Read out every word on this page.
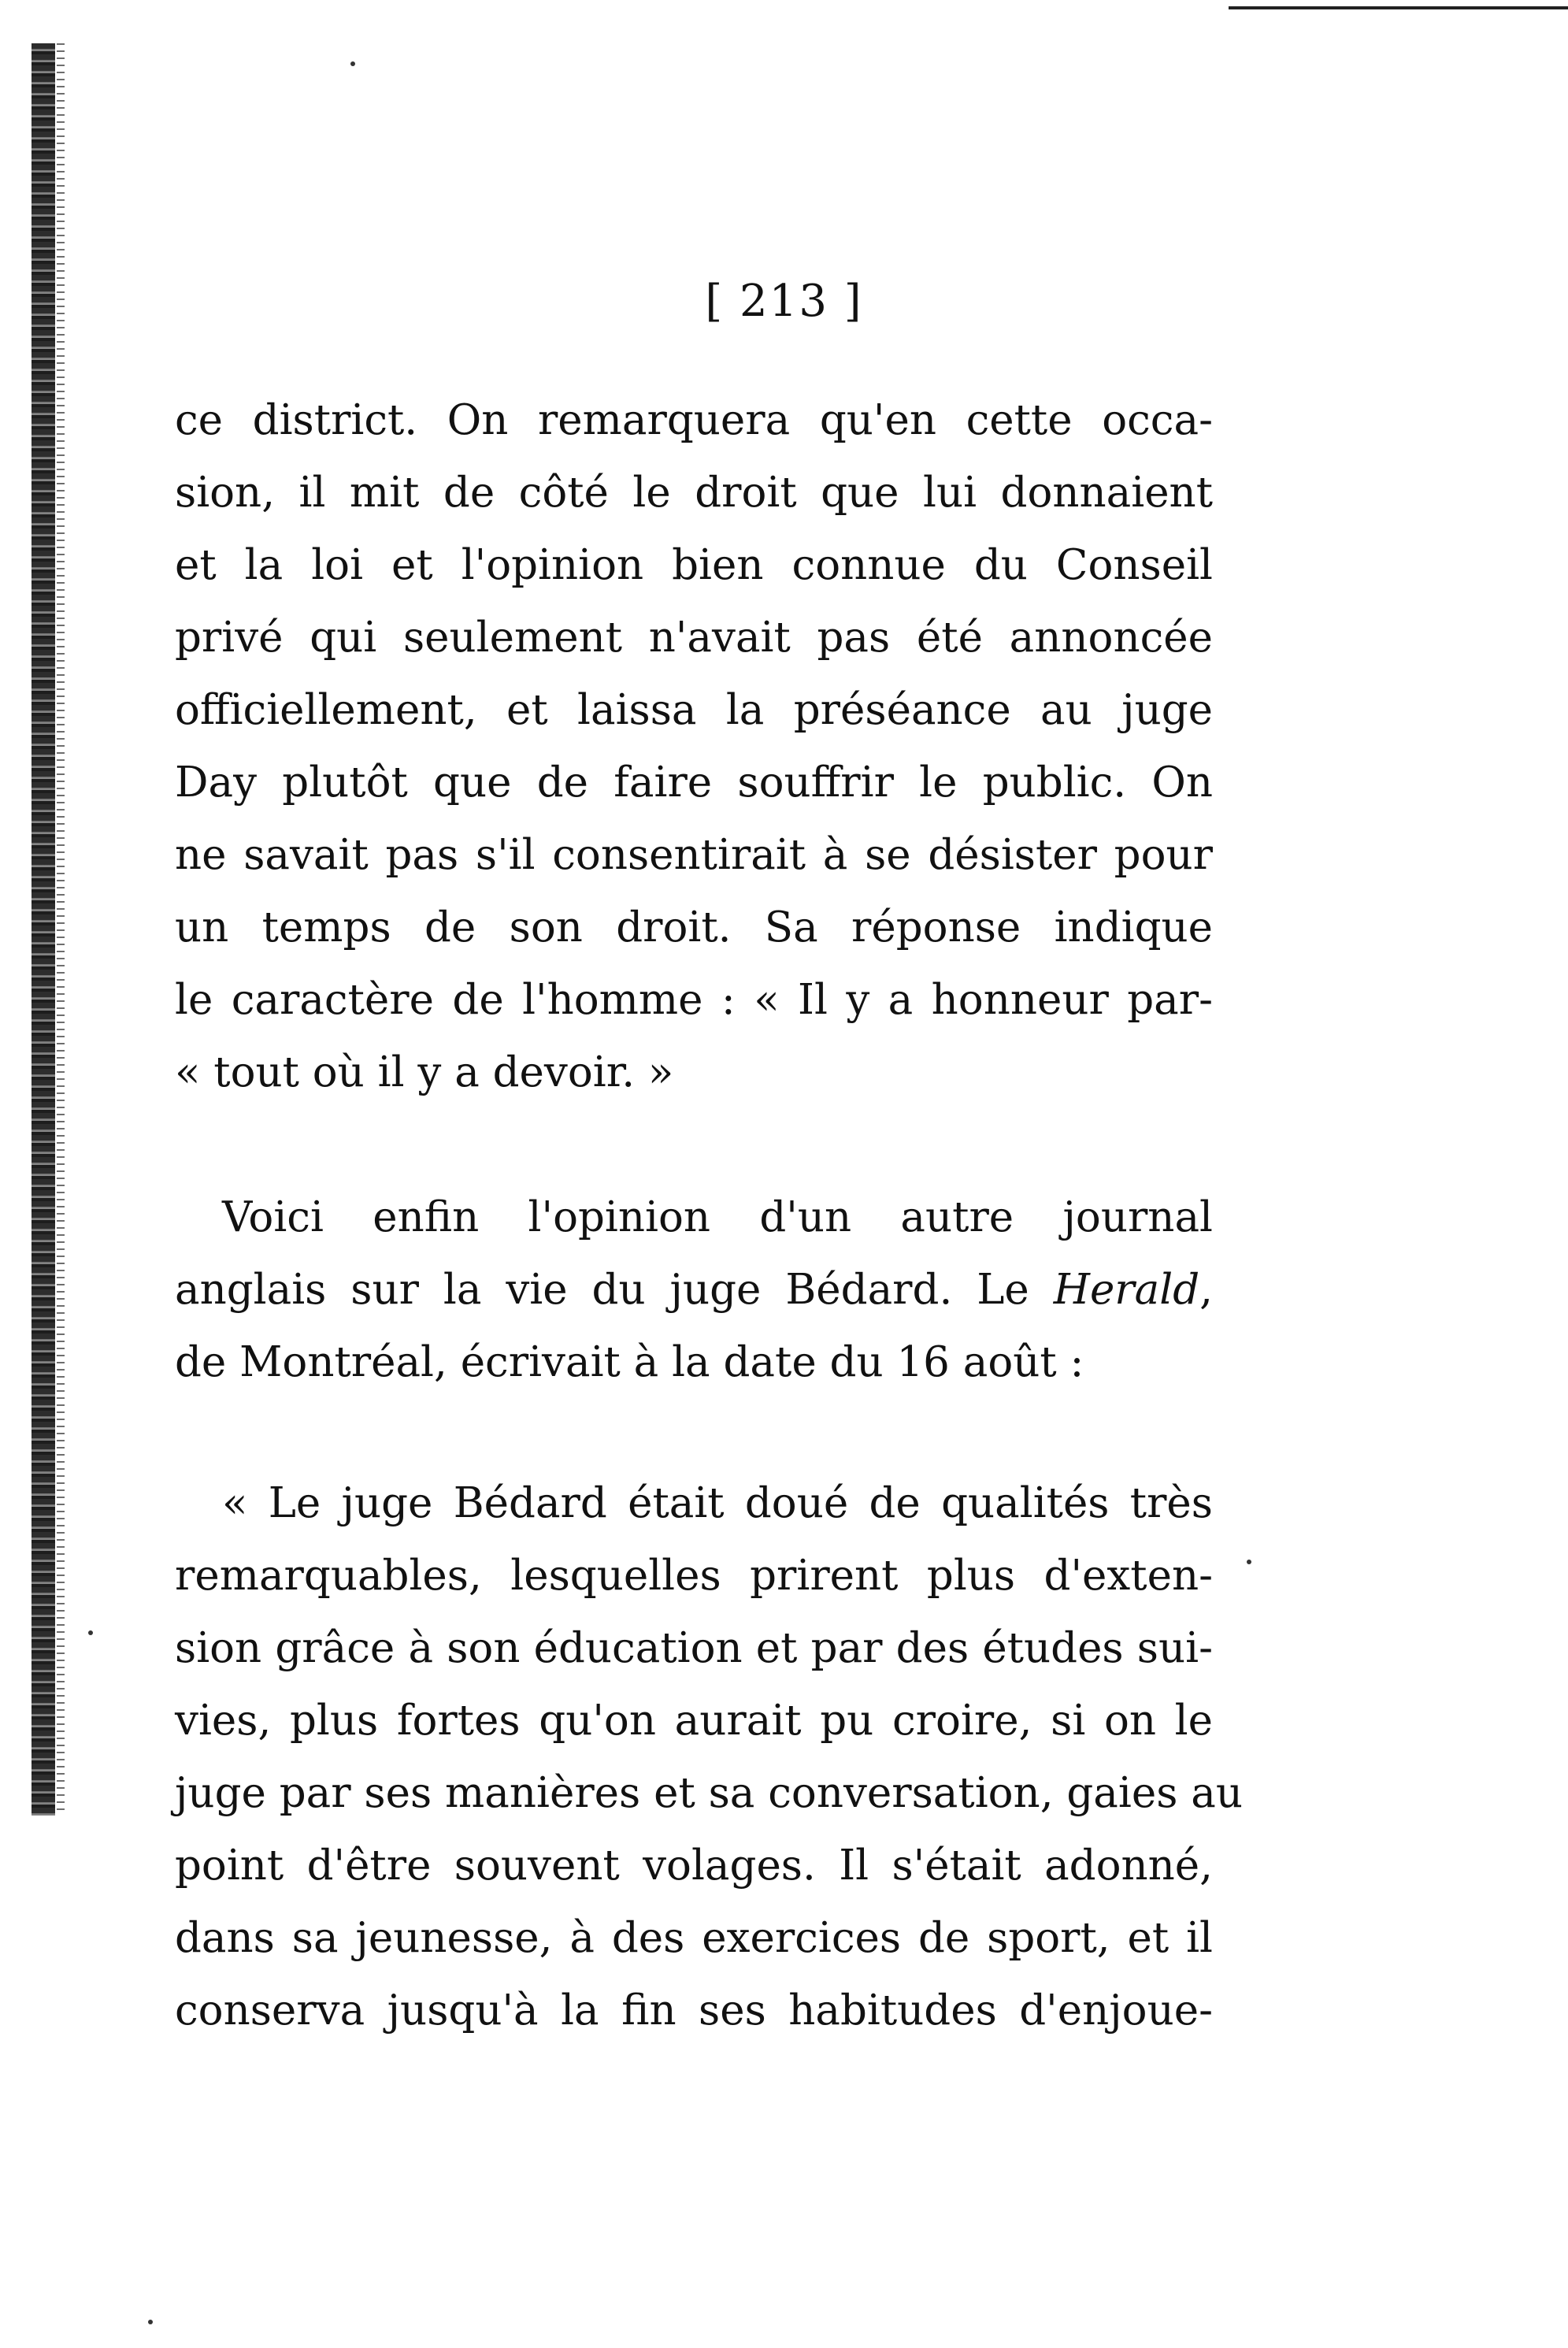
[ 213 ]
ce district. On remarquera qu'en cette occa-
sion, il mit de côté le droit que lui donnaient
et la loi et l'opinion bien connue du Conseil
privé qui seulement n'avait pas été annoncée
officiellement, et laissa la préséance au juge
Day plutôt que de faire souffrir le public. On
ne savait pas s'il consentirait à se désister pour
un temps de son droit. Sa réponse indique
le caractère de l'homme : « Il y a honneur par-
« tout où il y a devoir. »
Voici enfin l'opinion d'un autre journal
anglais sur la vie du juge Bédard. Le Herald,
de Montréal, écrivait à la date du 16 août :
« Le juge Bédard était doué de qualités très
remarquables, lesquelles prirent plus d'exten-
sion grâce à son éducation et par des études sui-
vies, plus fortes qu'on aurait pu croire, si on le
juge par ses manières et sa conversation, gaies au
point d'être souvent volages. Il s'était adonné,
dans sa jeunesse, à des exercices de sport, et il
conserva jusqu'à la fin ses habitudes d'enjoue-
